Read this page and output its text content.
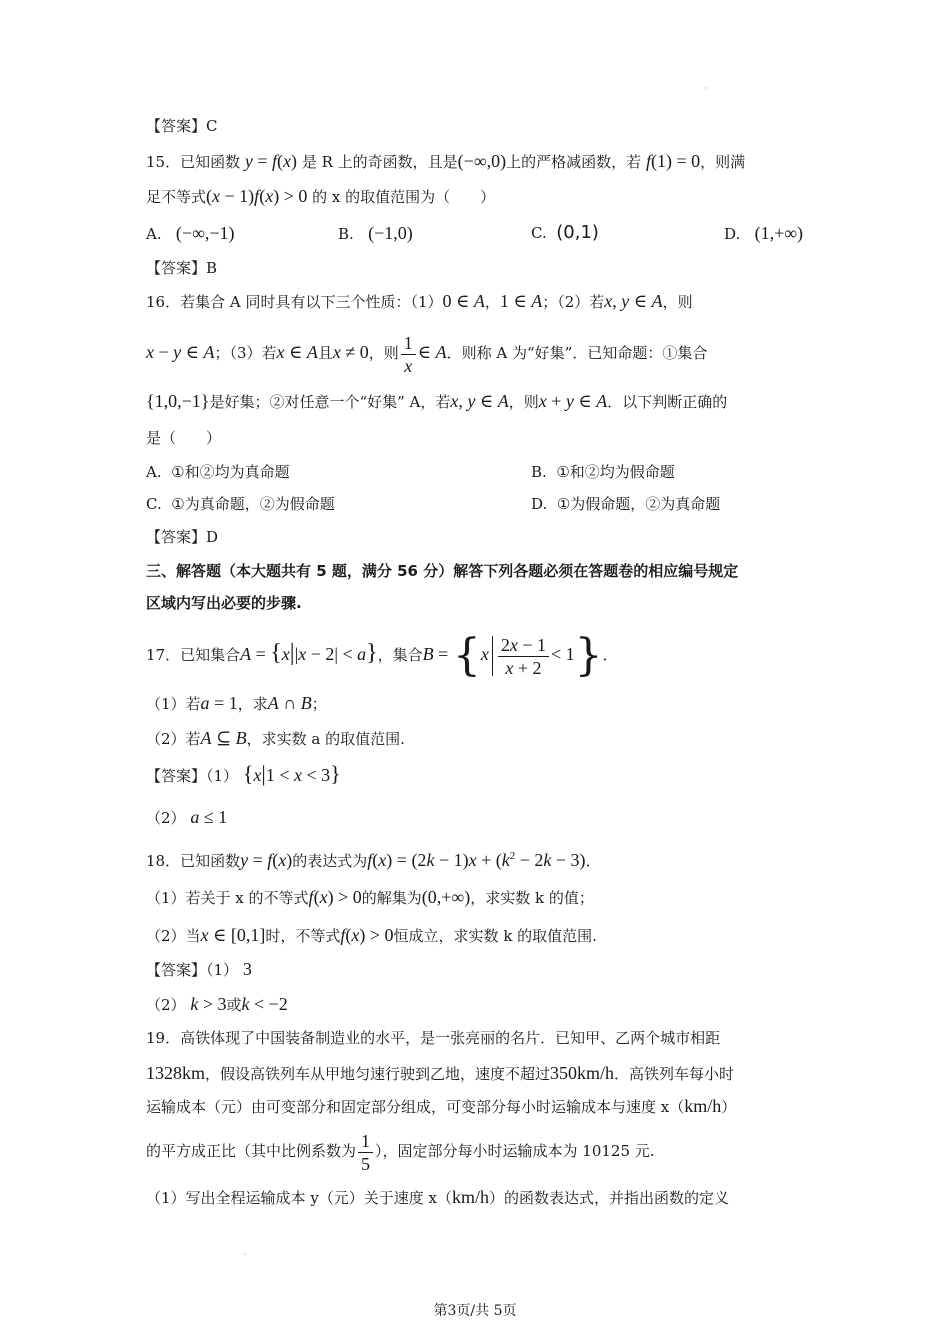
·
【答案】C
15．已知函数 y = f(x) 是 R 上的奇函数，且是(−∞,0)上的严格减函数，若 f(1) = 0，则满
足不等式(x − 1)f(x) > 0 的 x 的取值范围为（　　）
A. (−∞,−1)	B. (−1,0)	C. (0,1)	D. (1,+∞)
【答案】B
16．若集合 A 同时具有以下三个性质：（1）0 ∈ A，1 ∈ A；（2）若x, y ∈ A，则
x − y ∈ A；（3）若x ∈ A且x ≠ 0，则 $\frac{1}{x}$ ∈ A．则称 A 为“好集”．已知命题：①集合
{1,0,−1}是好集；②对任意一个“好集” A，若x, y ∈ A，则x + y ∈ A．以下判断正确的
是（　　）
A. ①和②均为真命题	B. ①和②均为假命题
C. ①为真命题，②为假命题	D. ①为假命题，②为真命题
【答案】D
三、解答题（本大题共有 5 题，满分 56 分）解答下列各题必须在答题卷的相应编号规定
区域内写出必要的步骤.
17．已知集合A = {x||x − 2| < a}，集合$B = \{x \frac{2x - 1}{x + 2} < 1\}$．
（1）若a = 1，求A ∩ B；
（2）若A ⊆ B，求实数 a 的取值范围.
【答案】（1） {x|1 < x < 3}
（2） a ≤ 1
18．已知函数y = f(x)的表达式为$f(x) = (2k - 1)x + (k^2 - 2k - 3)$．
（1）若关于 x 的不等式f(x) > 0的解集为(0,+∞)，求实数 k 的值；
（2）当x ∈ [0,1]时，不等式f(x) > 0恒成立，求实数 k 的取值范围.
【答案】（1） 3
（2） k > 3或k < −2
19．高铁体现了中国装备制造业的水平，是一张亮丽的名片．已知甲、乙两个城市相距
1328km，假设高铁列车从甲地匀速行驶到乙地，速度不超过350km/h．高铁列车每小时
运输成本（元）由可变部分和固定部分组成，可变部分每小时运输成本与速度 x（km/h）
的平方成正比（其中比例系数为 $\frac{1}{5}$ ），固定部分每小时运输成本为 10125 元.
（1）写出全程运输成本 y（元）关于速度 x（km/h）的函数表达式，并指出函数的定义
·
第3页/共 5页
